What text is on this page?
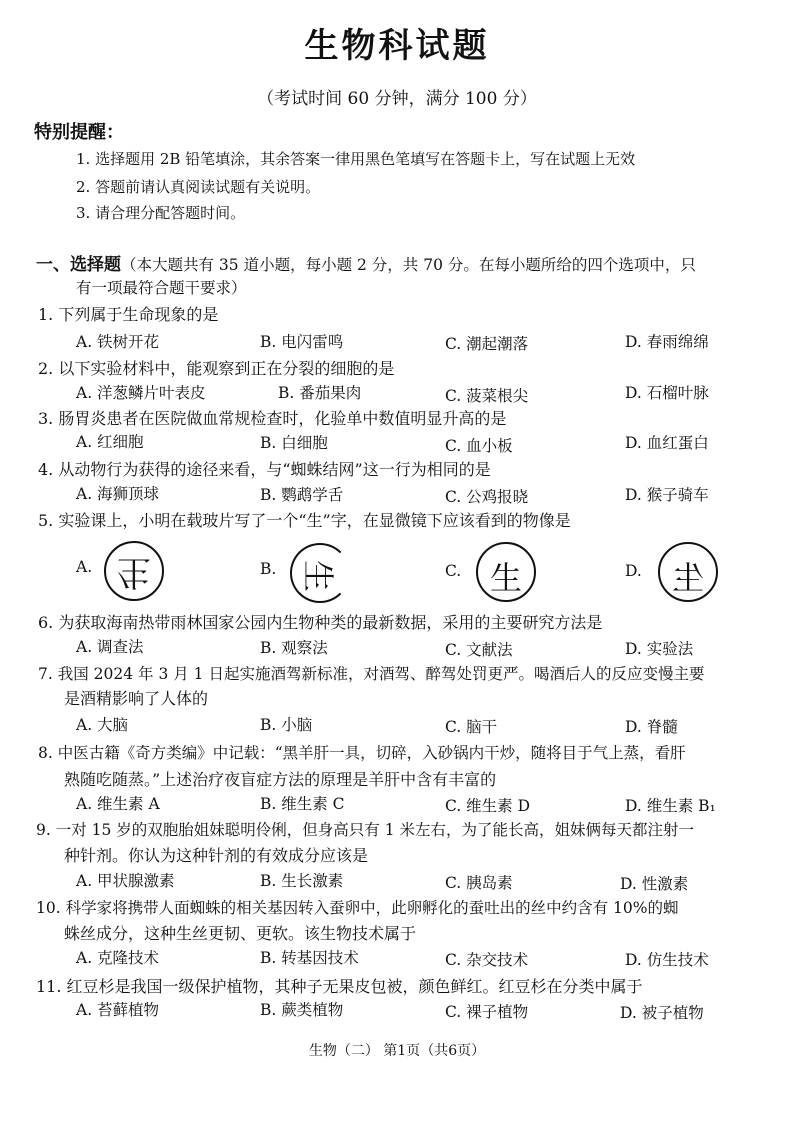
生物科试题
（考试时间 60 分钟，满分 100 分）
特别提醒：
1. 选择题用 2B 铅笔填涂，其余答案一律用黑色笔填写在答题卡上，写在试题上无效
2. 答题前请认真阅读试题有关说明。
3. 请合理分配答题时间。
一、选择题（本大题共有 35 道小题，每小题 2 分，共 70 分。在每小题所给的四个选项中，只
有一项最符合题干要求）
1. 下列属于生命现象的是
A. 铁树开花	B. 电闪雷鸣	C. 潮起潮落	D. 春雨绵绵
2. 以下实验材料中，能观察到正在分裂的细胞的是
A. 洋葱鳞片叶表皮	B. 番茄果肉	C. 菠菜根尖	D. 石榴叶脉
3. 肠胃炎患者在医院做血常规检查时，化验单中数值明显升高的是
A. 红细胞	B. 白细胞	C. 血小板	D. 血红蛋白
4. 从动物行为获得的途径来看，与“蜘蛛结网”这一行为相同的是
A. 海狮顶球	B. 鹦鹉学舌	C. 公鸡报晓	D. 猴子骑车
5. 实验课上，小明在载玻片写了一个“生”字，在显微镜下应该看到的物像是
A. 生	B. 生	C. 生	D. 生
6. 为获取海南热带雨林国家公园内生物种类的最新数据，采用的主要研究方法是
A. 调查法	B. 观察法	C. 文献法	D. 实验法
7. 我国 2024 年 3 月 1 日起实施酒驾新标准，对酒驾、醉驾处罚更严。喝酒后人的反应变慢主要
是酒精影响了人体的
A. 大脑	B. 小脑	C. 脑干	D. 脊髓
8. 中医古籍《奇方类编》中记载：“黑羊肝一具，切碎，入砂锅内干炒，随将目于气上蒸，看肝
熟随吃随蒸。”上述治疗夜盲症方法的原理是羊肝中含有丰富的
A. 维生素 A	B. 维生素 C	C. 维生素 D	D. 维生素 B₁
9. 一对 15 岁的双胞胎姐妹聪明伶俐，但身高只有 1 米左右，为了能长高，姐妹俩每天都注射一
种针剂。你认为这种针剂的有效成分应该是
A. 甲状腺激素	B. 生长激素	C. 胰岛素	D. 性激素
10. 科学家将携带人面蜘蛛的相关基因转入蚕卵中，此卵孵化的蚕吐出的丝中约含有 10%的蜘
蛛丝成分，这种生丝更韧、更软。该生物技术属于
A. 克隆技术	B. 转基因技术	C. 杂交技术	D. 仿生技术
11. 红豆杉是我国一级保护植物，其种子无果皮包被，颜色鲜红。红豆杉在分类中属于
A. 苔藓植物	B. 蕨类植物	C. 裸子植物	D. 被子植物
生物（二） 第1页（共6页）
